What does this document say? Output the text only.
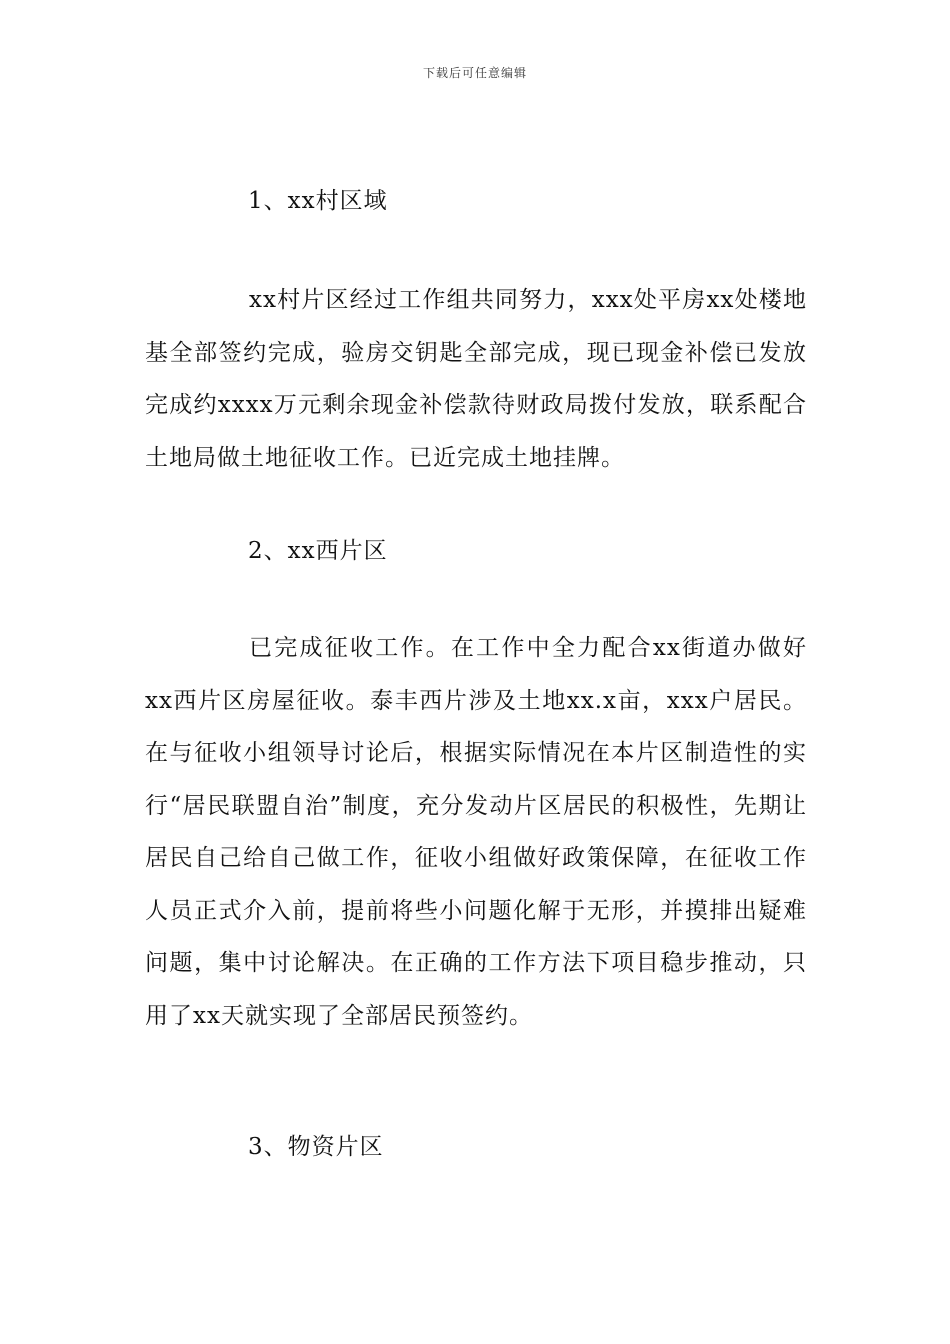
下载后可任意编辑
1、xx村区域
xx村片区经过工作组共同努力，xxx处平房xx处楼地基全部签约完成，验房交钥匙全部完成，现已现金补偿已发放完成约xxxx万元剩余现金补偿款待财政局拨付发放，联系配合土地局做土地征收工作。已近完成土地挂牌。
2、xx西片区
已完成征收工作。在工作中全力配合xx街道办做好xx西片区房屋征收。泰丰西片涉及土地xx.x亩，xxx户居民。在与征收小组领导讨论后，根据实际情况在本片区制造性的实行“居民联盟自治”制度，充分发动片区居民的积极性，先期让居民自己给自己做工作，征收小组做好政策保障，在征收工作人员正式介入前，提前将些小问题化解于无形，并摸排出疑难问题，集中讨论解决。在正确的工作方法下项目稳步推动，只用了xx天就实现了全部居民预签约。
3、物资片区
